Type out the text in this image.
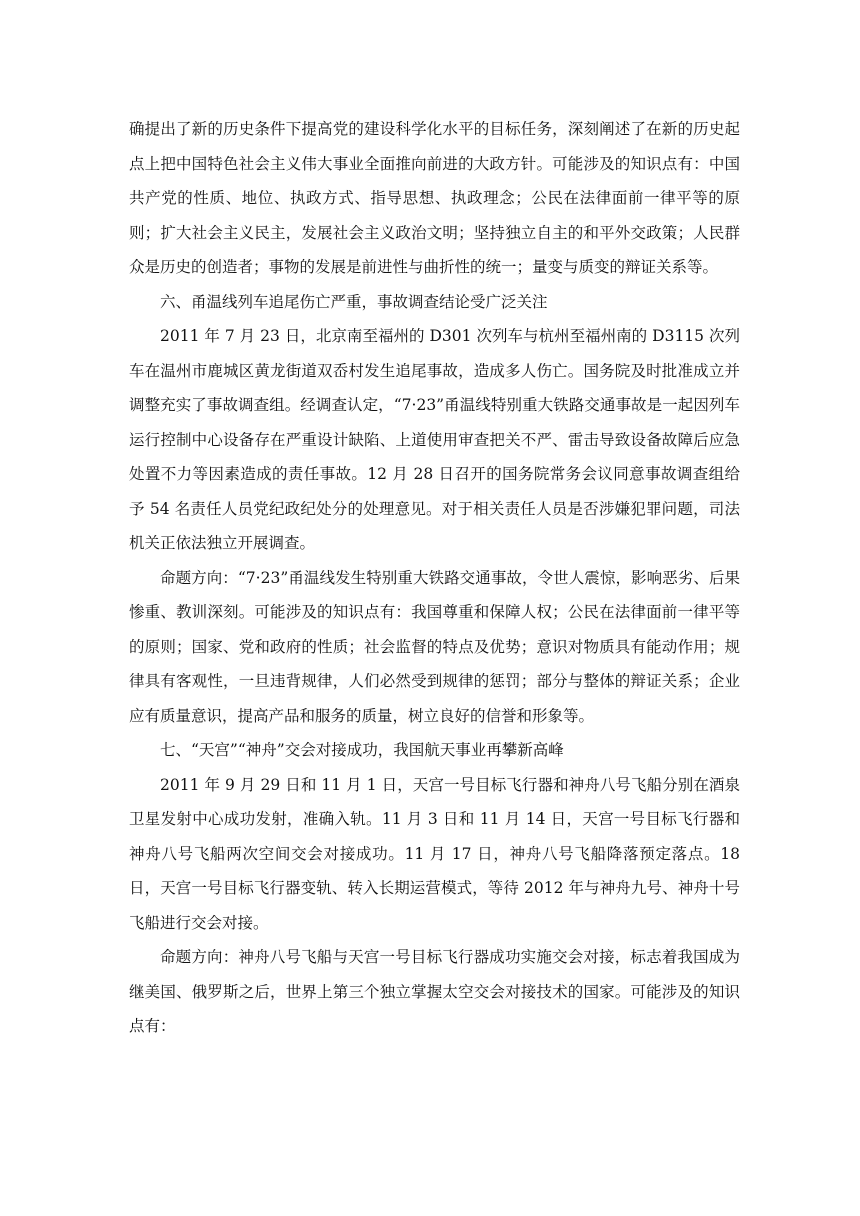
确提出了新的历史条件下提高党的建设科学化水平的目标任务，深刻阐述了在新的历史起点上把中国特色社会主义伟大事业全面推向前进的大政方针。可能涉及的知识点有：中国共产党的性质、地位、执政方式、指导思想、执政理念；公民在法律面前一律平等的原则；扩大社会主义民主，发展社会主义政治文明；坚持独立自主的和平外交政策；人民群众是历史的创造者；事物的发展是前进性与曲折性的统一；量变与质变的辩证关系等。

六、甬温线列车追尾伤亡严重，事故调查结论受广泛关注

2011 年 7 月 23 日，北京南至福州的 D301 次列车与杭州至福州南的 D3115 次列车在温州市鹿城区黄龙街道双岙村发生追尾事故，造成多人伤亡。国务院及时批准成立并调整充实了事故调查组。经调查认定，“7·23”甬温线特别重大铁路交通事故是一起因列车运行控制中心设备存在严重设计缺陷、上道使用审查把关不严、雷击导致设备故障后应急处置不力等因素造成的责任事故。12 月 28 日召开的国务院常务会议同意事故调查组给予 54 名责任人员党纪政纪处分的处理意见。对于相关责任人员是否涉嫌犯罪问题，司法机关正依法独立开展调查。

命题方向：“7·23”甬温线发生特别重大铁路交通事故，令世人震惊，影响恶劣、后果惨重、教训深刻。可能涉及的知识点有：我国尊重和保障人权；公民在法律面前一律平等的原则；国家、党和政府的性质；社会监督的特点及优势；意识对物质具有能动作用；规律具有客观性，一旦违背规律，人们必然受到规律的惩罚；部分与整体的辩证关系；企业应有质量意识，提高产品和服务的质量，树立良好的信誉和形象等。

七、“天宫”“神舟”交会对接成功，我国航天事业再攀新高峰

2011 年 9 月 29 日和 11 月 1 日，天宫一号目标飞行器和神舟八号飞船分别在酒泉卫星发射中心成功发射，准确入轨。11 月 3 日和 11 月 14 日，天宫一号目标飞行器和神舟八号飞船两次空间交会对接成功。11 月 17 日，神舟八号飞船降落预定落点。18 日，天宫一号目标飞行器变轨、转入长期运营模式，等待 2012 年与神舟九号、神舟十号飞船进行交会对接。

命题方向：神舟八号飞船与天宫一号目标飞行器成功实施交会对接，标志着我国成为继美国、俄罗斯之后，世界上第三个独立掌握太空交会对接技术的国家。可能涉及的知识点有：
